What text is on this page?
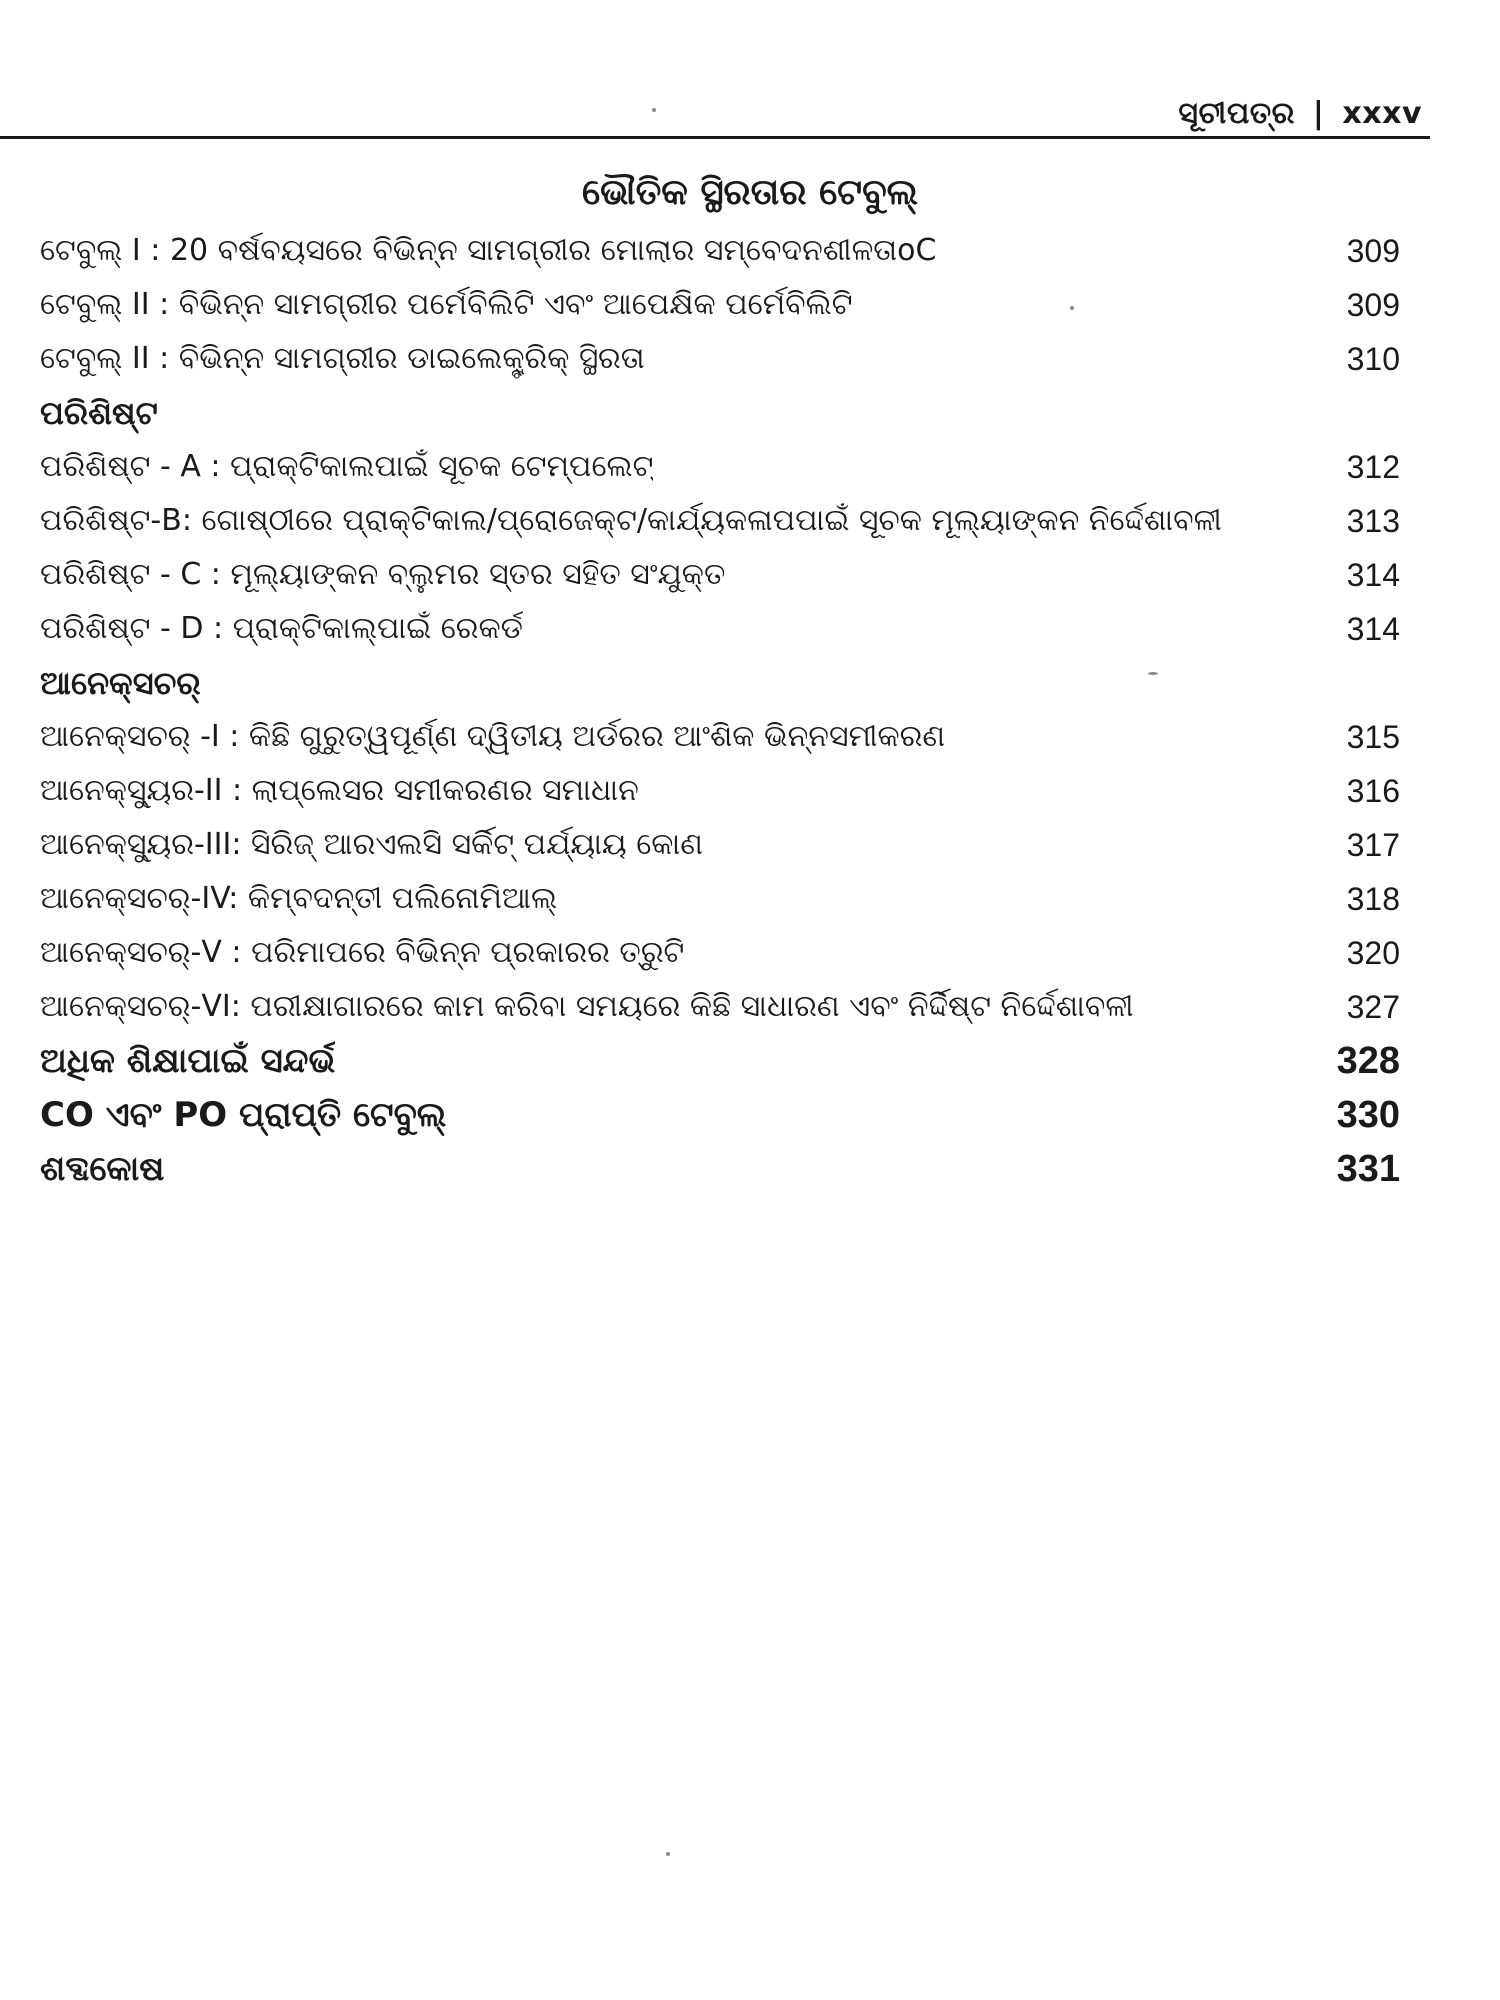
ସୂଚୀପତ୍ର | xxxv
ଭୌତିକ ସ୍ଥିରତାର ଟେବୁଲ୍
ଟେବୁଲ୍ I : 20 ବର୍ଷବୟସରେ ବିଭିନ୍ନ ସାମଗ୍ରୀର ମୋଲାର ସମ୍ବେଦନଶୀଳତାoC	309
ଟେବୁଲ୍ II : ବିଭିନ୍ନ ସାମଗ୍ରୀର ପର୍ମେବିଲିଟି ଏବଂ ଆପେକ୍ଷିକ ପର୍ମେବିଲିଟି	309
ଟେବୁଲ୍ II : ବିଭିନ୍ନ ସାମଗ୍ରୀର ଡାଇଲେକ୍ଟ୍ରିକ୍ ସ୍ଥିରତା	310
ପରିଶିଷ୍ଟ
ପରିଶିଷ୍ଟ - A : ପ୍ରାକ୍ଟିକାଲପାଇଁ ସୂଚକ ଟେମ୍ପଲେଟ୍	312
ପରିଶିଷ୍ଟ-B: ଗୋଷ୍ଠୀରେ ପ୍ରାକ୍ଟିକାଲ/ପ୍ରୋଜେକ୍ଟ/କାର୍ଯ୍ୟକଳାପପାଇଁ ସୂଚକ ମୂଲ୍ୟାଙ୍କନ ନିର୍ଦ୍ଦେଶାବଳୀ	313
ପରିଶିଷ୍ଟ - C : ମୂଲ୍ୟାଙ୍କନ ବ୍ଲୁମର ସ୍ତର ସହିତ ସଂଯୁକ୍ତ	314
ପରିଶିଷ୍ଟ - D : ପ୍ରାକ୍ଟିକାଲ୍ପାଇଁ ରେକର୍ଡ	314
ଆନେକ୍ସଚର୍
ଆନେକ୍ସଚର୍ -I : କିଛି ଗୁରୁତ୍ୱପୂର୍ଣ୍ଣ ଦ୍ୱିତୀୟ ଅର୍ଡରର ଆଂଶିକ ଭିନ୍ନସମୀକରଣ	315
ଆନେକ୍ସ୍ୟୁର-II : ଲାପ୍ଲେସର ସମୀକରଣର ସମାଧାନ	316
ଆନେକ୍ସ୍ୟୁର-III: ସିରିଜ୍ ଆରଏଲସି ସର୍କିଟ୍ ପର୍ଯ୍ୟାୟ କୋଣ	317
ଆନେକ୍ସଚର୍-IV: କିମ୍ବଦନ୍ତୀ ପଲିନୋମିଆଲ୍	318
ଆନେକ୍ସଚର୍-V : ପରିମାପରେ ବିଭିନ୍ନ ପ୍ରକାରର ତ୍ରୁଟି	320
ଆନେକ୍ସଚର୍-VI: ପରୀକ୍ଷାଗାରରେ କାମ କରିବା ସମୟରେ କିଛି ସାଧାରଣ ଏବଂ ନିର୍ଦ୍ଦିଷ୍ଟ ନିର୍ଦ୍ଦେଶାବଳୀ	327
ଅଧିକ ଶିକ୍ଷାପାଇଁ ସନ୍ଦର୍ଭ	328
CO ଏବଂ PO ପ୍ରାପ୍ତି ଟେବୁଲ୍	330
ଶବ୍ଦକୋଷ	331
